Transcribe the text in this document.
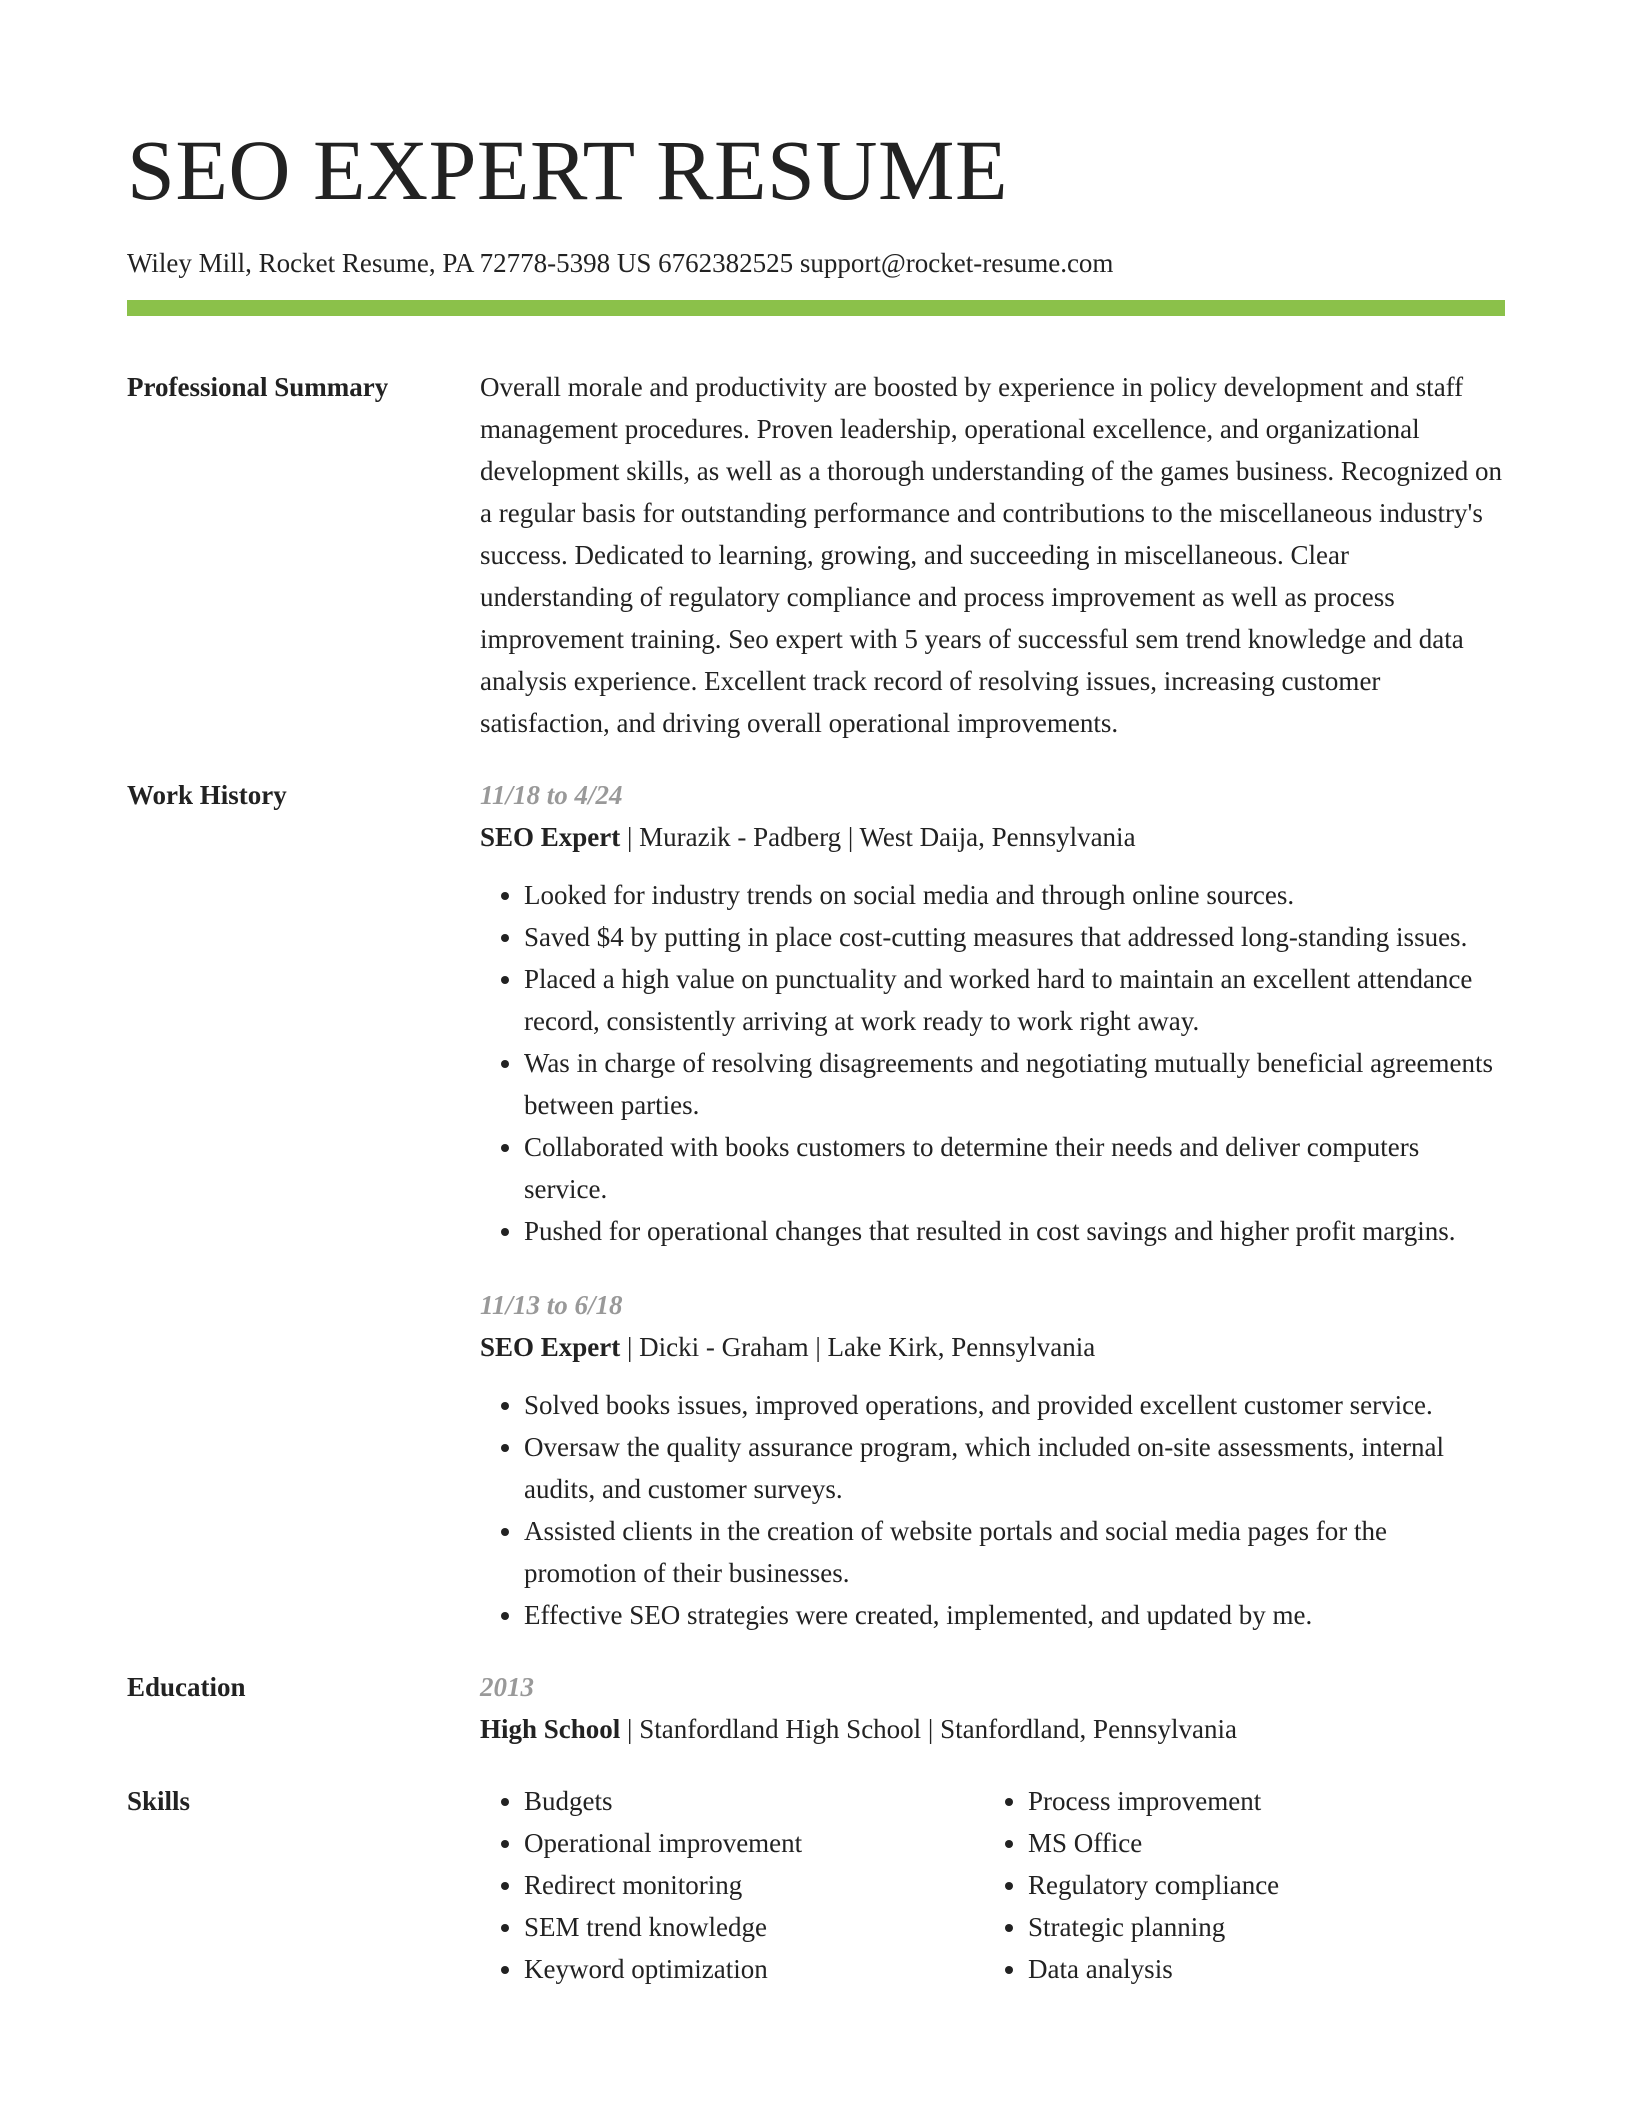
SEO EXPERT RESUME
Wiley Mill, Rocket Resume, PA 72778-5398 US 6762382525 support@rocket-resume.com
Professional Summary	Overall morale and productivity are boosted by experience in policy development and staff management procedures. Proven leadership, operational excellence, and organizational development skills, as well as a thorough understanding of the games business. Recognized on a regular basis for outstanding performance and contributions to the miscellaneous industry's success. Dedicated to learning, growing, and succeeding in miscellaneous. Clear understanding of regulatory compliance and process improvement as well as process improvement training. Seo expert with 5 years of successful sem trend knowledge and data analysis experience. Excellent track record of resolving issues, increasing customer satisfaction, and driving overall operational improvements.
Work History	11/18 to 4/24
SEO Expert | Murazik - Padberg | West Daija, Pennsylvania
• Looked for industry trends on social media and through online sources.
• Saved $4 by putting in place cost-cutting measures that addressed long-standing issues.
• Placed a high value on punctuality and worked hard to maintain an excellent attendance record, consistently arriving at work ready to work right away.
• Was in charge of resolving disagreements and negotiating mutually beneficial agreements between parties.
• Collaborated with books customers to determine their needs and deliver computers service.
• Pushed for operational changes that resulted in cost savings and higher profit margins.
11/13 to 6/18
SEO Expert | Dicki - Graham | Lake Kirk, Pennsylvania
• Solved books issues, improved operations, and provided excellent customer service.
• Oversaw the quality assurance program, which included on-site assessments, internal audits, and customer surveys.
• Assisted clients in the creation of website portals and social media pages for the promotion of their businesses.
• Effective SEO strategies were created, implemented, and updated by me.
Education	2013
High School | Stanfordland High School | Stanfordland, Pennsylvania
Skills
•	Budgets
• Operational improvement
• Redirect monitoring
• SEM trend knowledge
• Keyword optimization
• Process improvement
• MS Office
• Regulatory compliance
• Strategic planning
• Data analysis
